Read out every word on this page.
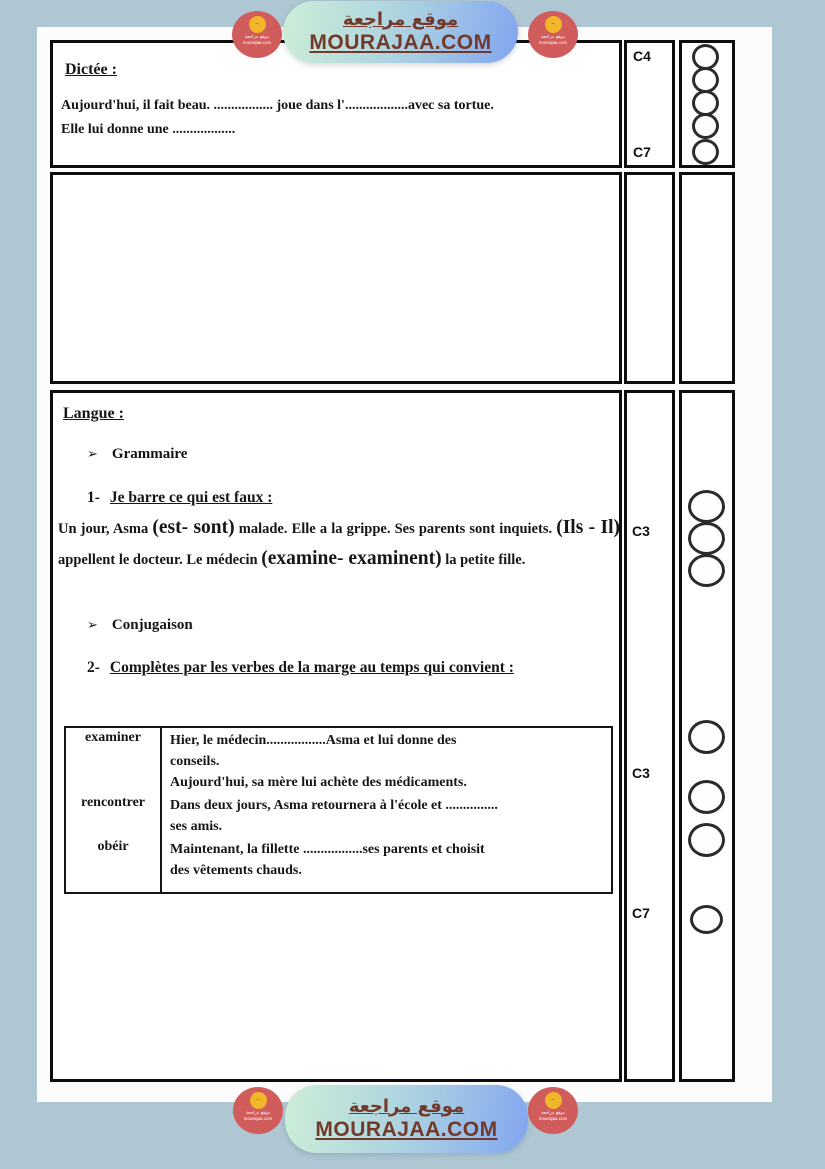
Dictée :
Aujourd'hui, il fait beau. ................. joue dans l'..................avec sa tortue.
Elle lui donne une ..................
Langue :
➢ Grammaire
1- Je barre ce qui est faux :
Un jour, Asma (est- sont) malade. Elle a la grippe. Ses parents sont inquiets. (Ils - Il) appellent le docteur. Le médecin (examine- examinent) la petite fille.
➢ Conjugaison
2- Complètes par les verbes de la marge au temps qui convient :
examiner	Hier, le médecin.................Asma et lui donne des
conseils.
Aujourd'hui, sa mère lui achète des médicaments.
rencontrer	Dans deux jours, Asma retournera à l'école et ...............
ses amis.
obéir	Maintenant, la fillette .................ses parents et choisit
des vêtements chauds.
C4
C7
C3
C3
C7
موقع مراجعة
MOURAJAA.COM
~
موقع مراجعة
mourajaa.com
~
موقع مراجعة
mourajaa.com
موقع مراجعة
MOURAJAA.COM
~
موقع مراجعة
mourajaa.com
~
موقع مراجعة
mourajaa.com
